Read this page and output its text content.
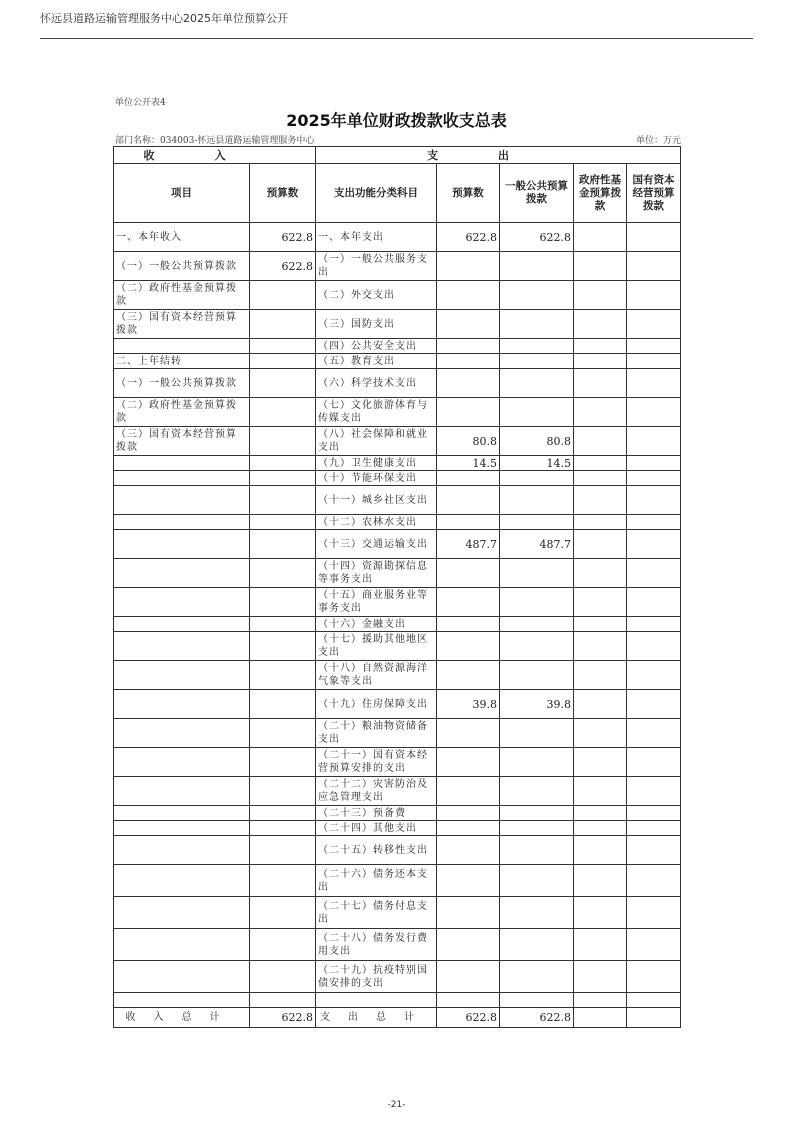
怀远县道路运输管理服务中心2025年单位预算公开
单位公开表4
2025年单位财政拨款收支总表
部门名称：034003-怀远县道路运输管理服务中心	单位：万元
收入		支出				
项目	预算数	支出功能分类科目	预算数	一般公共预算拨款	政府性基金预算拨款	国有资本经营预算拨款
一、本年收入	622.8	一、本年支出	622.8	622.8		
（一）一般公共预算拨款	622.8	（一）一般公共服务支出				
（二）政府性基金预算拨款		（二）外交支出				
（三）国有资本经营预算拨款		（三）国防支出				
		（四）公共安全支出				
二、上年结转		（五）教育支出				
（一）一般公共预算拨款		（六）科学技术支出				
（二）政府性基金预算拨款		（七）文化旅游体育与传媒支出				
（三）国有资本经营预算拨款		（八）社会保障和就业支出	80.8	80.8		
		（九）卫生健康支出	14.5	14.5		
		（十）节能环保支出				
		（十一）城乡社区支出				
		（十二）农林水支出				
		（十三）交通运输支出	487.7	487.7		
		（十四）资源勘探信息等事务支出				
		（十五）商业服务业等事务支出				
		（十六）金融支出				
		（十七）援助其他地区支出				
		（十八）自然资源海洋气象等支出				
		（十九）住房保障支出	39.8	39.8		
		（二十）粮油物资储备支出				
		（二十一）国有资本经营预算安排的支出				
		（二十二）灾害防治及应急管理支出				
		（二十三）预备费				
		（二十四）其他支出				
		（二十五）转移性支出				
		（二十六）债务还本支出				
		（二十七）债务付息支出				
		（二十八）债务发行费用支出				
		（二十九）抗疫特别国债安排的支出				

收入总计	622.8	支出总计	622.8	622.8		
-21-
